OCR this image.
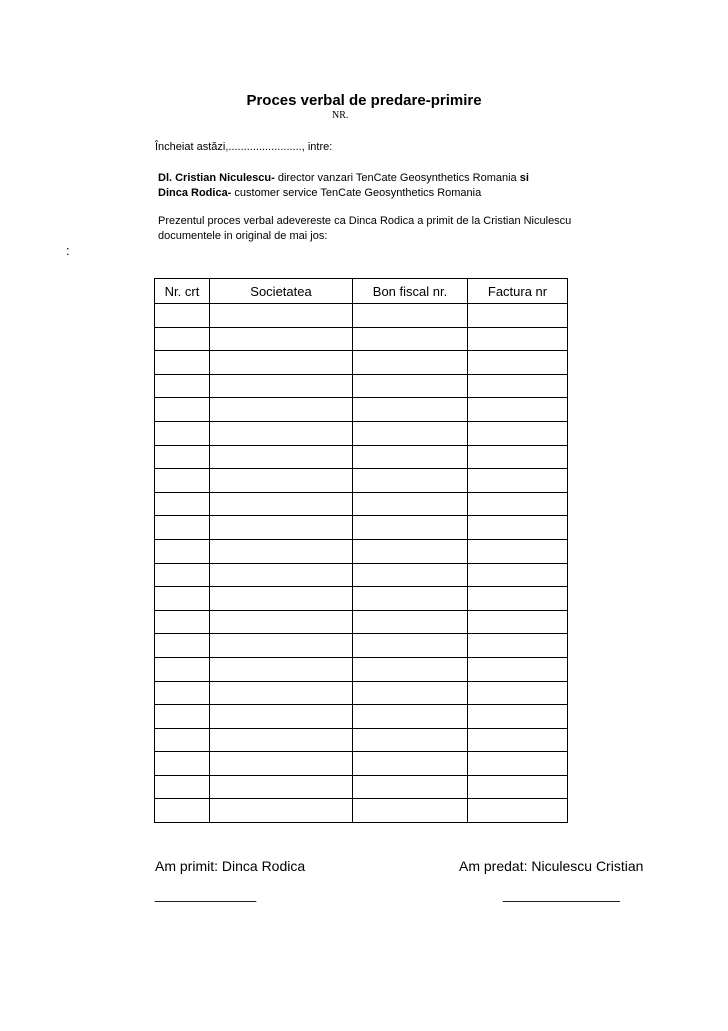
Proces verbal de predare-primire
NR.
Încheiat astăzi,........................, intre:
Dl. Cristian Niculescu- director vanzari TenCate Geosynthetics Romania si
Dinca Rodica- customer service TenCate Geosynthetics Romania
Prezentul proces verbal adevereste ca Dinca Rodica a primit de la Cristian Niculescu
documentele in original de mai jos:
:
Nr. crt	Societatea	Bon fiscal nr.	Factura nr

Am primit: Dinca Rodica	Am predat: Niculescu Cristian
_____________	_______________
